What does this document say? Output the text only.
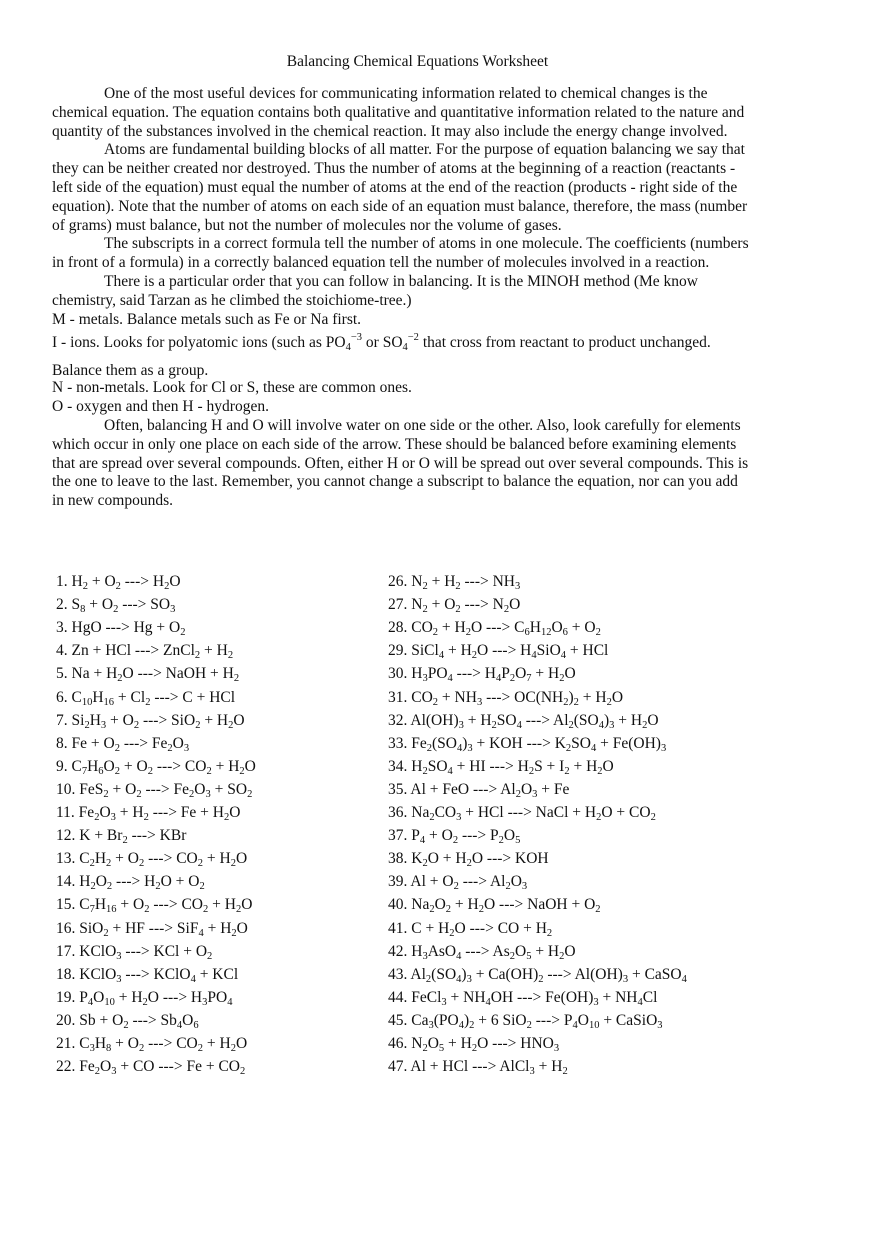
Balancing Chemical Equations Worksheet

One of the most useful devices for communicating information related to chemical changes is the chemical equation. The equation contains both qualitative and quantitative information related to the nature and quantity of the substances involved in the chemical reaction. It may also include the energy change involved.

Atoms are fundamental building blocks of all matter. For the purpose of equation balancing we say that they can be neither created nor destroyed. Thus the number of atoms at the beginning of a reaction (reactants - left side of the equation) must equal the number of atoms at the end of the reaction (products - right side of the equation). Note that the number of atoms on each side of an equation must balance, therefore, the mass (number of grams) must balance, but not the number of molecules nor the volume of gases.

The subscripts in a correct formula tell the number of atoms in one molecule. The coefficients (numbers in front of a formula) in a correctly balanced equation tell the number of molecules involved in a reaction.

There is a particular order that you can follow in balancing. It is the MINOH method (Me know chemistry, said Tarzan as he climbed the stoichiome-tree.)

M - metals. Balance metals such as Fe or Na first.

I - ions. Looks for polyatomic ions (such as $PO_4^{-3}$ or $SO_4^{-2}$ that cross from reactant to product unchanged. Balance them as a group.

N - non-metals. Look for Cl or S, these are common ones.

O - oxygen and then H - hydrogen.

Often, balancing H and O will involve water on one side or the other. Also, look carefully for elements which occur in only one place on each side of the arrow. These should be balanced before examining elements that are spread over several compounds. Often, either H or O will be spread out over several compounds. This is the one to leave to the last. Remember, you cannot change a subscript to balance the equation, nor can you add in new compounds.

1. $H_2 + O_2$ ---> $H_2O$
2. $S_8 + O_2$ ---> $SO_3$
3. HgO ---> $Hg + O_2$
4. Zn + HCl ---> ZnCl$_2$ + $H_2$
5. $Na + H_2O$ ---> NaOH + $H_2$
6. $C_{10}H_{16} + Cl_2$ ---> C + HCl
7. $Si_2H_3 + O_2$ ---> $SiO_2 + H_2O$
8. $Fe + O_2$ ---> $Fe_2O_3$
9. $C_7H_6O_2 + O_2$ ---> $CO_2 + H_2O$
10. $FeS_2 + O_2$ ---> $Fe_2O_3 + SO_2$
11. $Fe_2O_3 + H_2$ ---> $Fe + H_2O$
12. $K + Br_2$ ---> KBr
13. $C_2H_2 + O_2$ ---> $CO_2 + H_2O$
14. $H_2O_2$ ---> $H_2O + O_2$
15. $C_7H_{16} + O_2$ ---> $CO_2 + H_2O$
16. SiO$_2$ + HF ---> $SiF_4 + H_2O$
17. KClO$_3$ ---> KCl + $O_2$
18. KClO$_3$ ---> KClO$_4$ + KCl
19. $P_4O_{10} + H_2O$ ---> $H_3PO_4$
20. $Sb + O_2$ ---> $Sb_4O_6$
21. $C_3H_8 + O_2$ ---> $CO_2 + H_2O$
22. $Fe_2O_3$ + CO ---> $Fe + CO_2$
26. $N_2 + H_2$ ---> $NH_3$
27. $N_2 + O_2$ ---> $N_2O$
28. $CO_2 + H_2O$ ---> $C_6H_{12}O_6 + O_2$
29. SiCl$_4$ + $H_2O$ ---> $H_4SiO_4$ + HCl
30. $H_3PO_4$ ---> $H_4P_2O_7 + H_2O$
31. $CO_2 + NH_3$ ---> $OC(NH_2)_2 + H_2O$
32. $Al(OH)_3 + H_2SO_4$ ---> $Al_2(SO_4)_3 + H_2O$
33. $Fe_2(SO_4)_3$ + KOH ---> $K_2SO_4 + Fe(OH)_3$
34. $H_2SO_4$ + HI ---> $H_2S + I_2 + H_2O$
35. Al + FeO ---> $Al_2O_3 + Fe$
36. $Na_2CO_3$ + HCl ---> NaCl + $H_2O + CO_2$
37. $P_4 + O_2$ ---> $P_2O_5$
38. $K_2O + H_2O$ ---> KOH
39. $Al + O_2$ ---> $Al_2O_3$
40. $Na_2O_2 + H_2O$ ---> NaOH + $O_2$
41. $C + H_2O$ ---> CO + $H_2$
42. $H_3AsO_4$ ---> $As_2O_5 + H_2O$
43. $Al_2(SO_4)_3 + Ca(OH)_2$ ---> $Al(OH)_3$ + CaSO$_4$
44. FeCl$_3$ + $NH_4OH$ ---> $Fe(OH)_3 + NH_4Cl$
45. $Ca_3(PO_4)_2 + 6$ SiO$_2$ ---> $P_4O_{10}$ + CaSiO$_3$
46. $N_2O_5 + H_2O$ ---> $HNO_3$
47. Al + HCl ---> AlCl$_3$ + $H_2$
